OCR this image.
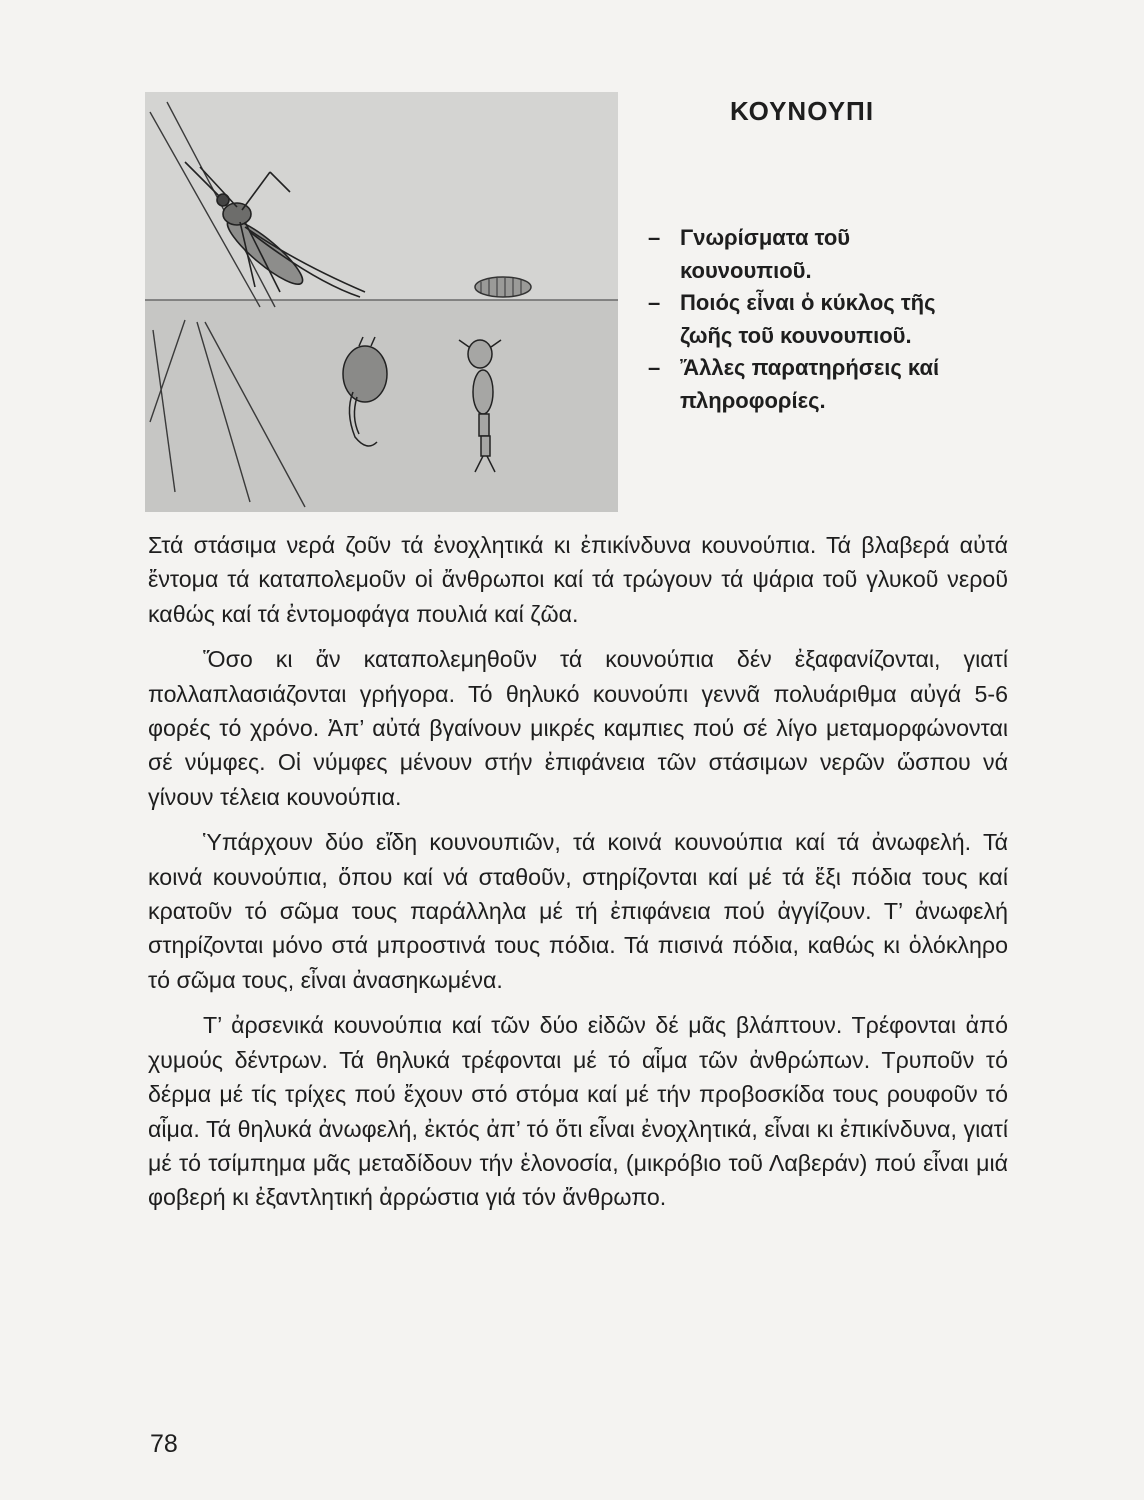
ΚΟΥΝΟΥΠΙ
– Γνωρίσματα τοῦ κουνουπιοῦ.
– Ποιός εἶναι ὁ κύκλος τῆς ζωῆς τοῦ κουνουπιοῦ.
– Ἄλλες παρατηρήσεις καί πληροφορίες.

Στά στάσιμα νερά ζοῦν τά ἐνοχλητικά κι ἐπικίνδυνα κουνούπια. Τά βλαβερά αὐτά ἔντομα τά καταπολεμοῦν οἱ ἄνθρωποι καί τά τρώγουν τά ψάρια τοῦ γλυκοῦ νεροῦ καθώς καί τά ἐντομοφάγα πουλιά καί ζῶα.

Ὅσο κι ἄν καταπολεμηθοῦν τά κουνούπια δέν ἐξαφανίζονται, γιατί πολλαπλασιάζονται γρήγορα. Τό θηλυκό κουνούπι γεννᾶ πολυάριθμα αὐγά 5-6 φορές τό χρόνο. Ἀπ’ αὐτά βγαίνουν μικρές καμπιες πού σέ λίγο μεταμορφώνονται σέ νύμφες. Οἱ νύμφες μένουν στήν ἐπιφάνεια τῶν στάσιμων νερῶν ὥσπου νά γίνουν τέλεια κουνούπια.

Ὑπάρχουν δύο εἴδη κουνουπιῶν, τά κοινά κουνούπια καί τά ἀνωφελή. Τά κοινά κουνούπια, ὅπου καί νά σταθοῦν, στηρίζονται καί μέ τά ἕξι πόδια τους καί κρατοῦν τό σῶμα τους παράλληλα μέ τή ἐπιφάνεια πού ἀγγίζουν. Τ’ ἀνωφελή στηρίζονται μόνο στά μπροστινά τους πόδια. Τά πισινά πόδια, καθώς κι ὁλόκληρο τό σῶμα τους, εἶναι ἀνασηκωμένα.

Τ’ ἀρσενικά κουνούπια καί τῶν δύο εἰδῶν δέ μᾶς βλάπτουν. Τρέφονται ἀπό χυμούς δέντρων. Τά θηλυκά τρέφονται μέ τό αἷμα τῶν ἀνθρώπων. Τρυποῦν τό δέρμα μέ τίς τρίχες πού ἔχουν στό στόμα καί μέ τήν προβοσκίδα τους ρουφοῦν τό αἷμα. Τά θηλυκά ἀνωφελή, ἐκτός ἀπ’ τό ὅτι εἶναι ἐνοχλητικά, εἶναι κι ἐπικίνδυνα, γιατί μέ τό τσίμπημα μᾶς μεταδίδουν τήν ἑλονοσία, (μικρόβιο τοῦ Λαβεράν) πού εἶναι μιά φοβερή κι ἐξαντλητική ἀρρώστια γιά τόν ἄνθρωπο.

78
